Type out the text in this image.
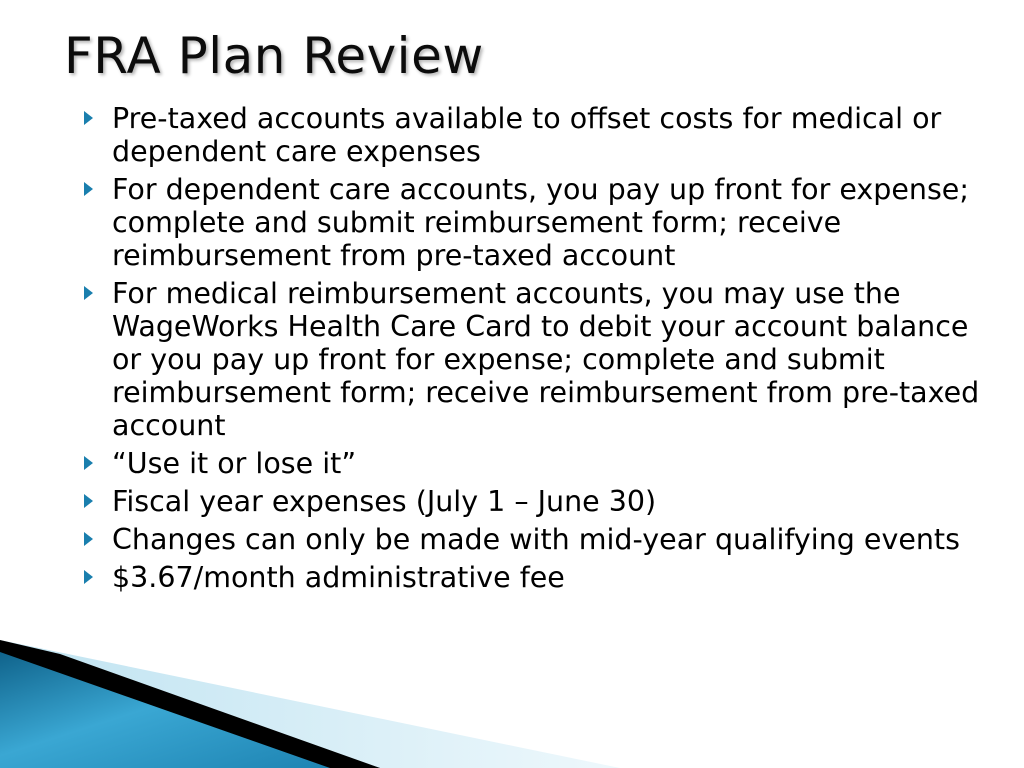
FRA Plan Review
Pre-taxed accounts available to offset costs for medical or dependent care expenses
For dependent care accounts, you pay up front for expense; complete and submit reimbursement form; receive reimbursement from pre-taxed account
For medical reimbursement accounts, you may use the WageWorks Health Care Card to debit your account balance or you pay up front for expense; complete and submit reimbursement form; receive reimbursement from pre-taxed account
“Use it or lose it”
Fiscal year expenses (July 1 – June 30)
Changes can only be made with mid-year qualifying events
$3.67/month administrative fee
